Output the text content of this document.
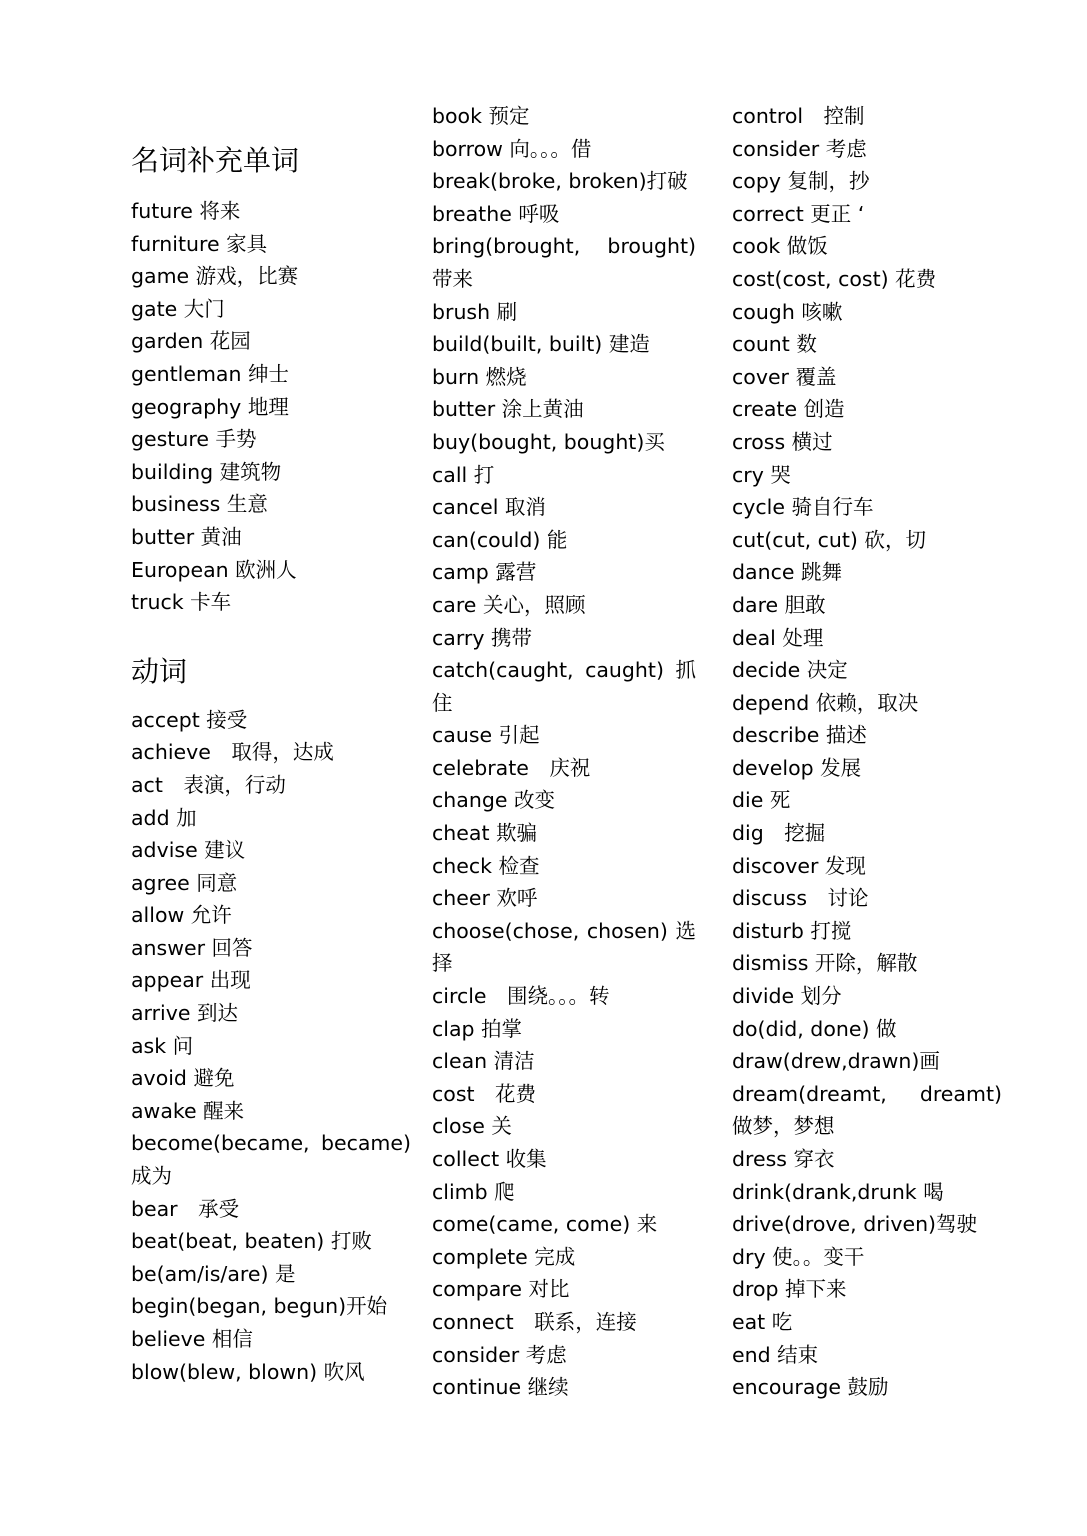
名词补充单词
future 将来
furniture 家具
game 游戏，比赛
gate 大门
garden 花园
gentleman 绅士
geography 地理
gesture 手势
building 建筑物
business 生意
butter 黄油
European 欧洲人
truck 卡车
动词
accept 接受
achieve　取得，达成
act　表演，行动
add 加
advise 建议
agree 同意
allow 允许
answer 回答
appear 出现
arrive 到达
ask 问
avoid 避免
awake 醒来
become(became, became) 成为
bear　承受
beat(beat, beaten) 打败
be(am/is/are) 是
begin(began, begun)开始
believe 相信
blow(blew, blown) 吹风
book 预定
borrow 向。。。借
break(broke, broken)打破
breathe 呼吸
bring(brought, brought) 带来
brush 刷
build(built, built) 建造
burn 燃烧
butter 涂上黄油
buy(bought, bought)买
call 打
cancel 取消
can(could) 能
camp 露营
care 关心，照顾
carry 携带
catch(caught, caught) 抓住
cause 引起
celebrate　庆祝
change 改变
cheat 欺骗
check 检查
cheer 欢呼
choose(chose, chosen) 选择
circle　围绕。。。转
clap 拍掌
clean 清洁
cost　花费
close 关
collect 收集
climb 爬
come(came, come) 来
complete 完成
compare 对比
connect　联系，连接
consider 考虑
continue 继续
control　控制
consider 考虑
copy 复制，抄
correct 更正 ‘
cook 做饭
cost(cost, cost) 花费
cough 咳嗽
count 数
cover 覆盖
create 创造
cross 横过
cry 哭
cycle 骑自行车
cut(cut, cut) 砍，切
dance 跳舞
dare 胆敢
deal 处理
decide 决定
depend 依赖，取决
describe 描述
develop 发展
die 死
dig　挖掘
discover 发现
discuss　讨论
disturb 打搅
dismiss 开除，解散
divide 划分
do(did, done) 做
draw(drew,drawn)画
dream(dreamt, dreamt) 做梦，梦想
dress 穿衣
drink(drank,drunk 喝
drive(drove, driven)驾驶
dry 使。。变干
drop 掉下来
eat 吃
end 结束
encourage 鼓励
